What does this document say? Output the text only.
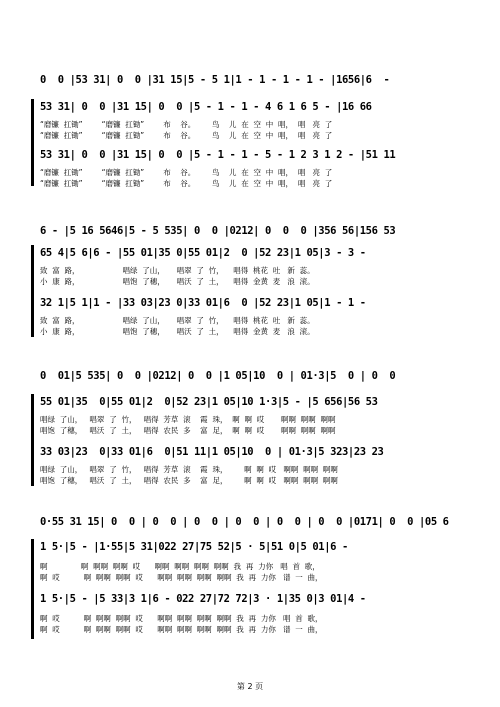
0  0 |53 31| 0  0 |31 15|5 - 5 1|1 - 1 - 1 - 1 - |1656|6  -
53 31| 0  0 |31 15| 0  0 |5 - 1 - 1 - 4 6 1 6 5 - |16 66
“磨镰  扛锄”        “磨镰  扛锄”        布    谷。       鸟    儿  在  空  中  唱，  唱   亮  了
“磨镰  扛锄”        “磨镰  扛锄”        布    谷。       鸟    儿  在  空  中  唱，  唱   亮  了
53 31| 0  0 |31 15| 0  0 |5 - 1 - 1 - 5 - 1 2 3 1 2 - |51 11
“磨镰  扛锄”        “磨镰  扛锄”        布    谷。       鸟    儿  在  空  中  唱，  唱   亮  了
“磨镰  扛锄”        “磨镰  扛锄”        布    谷。       鸟    儿  在  空  中  唱，  唱   亮  了
6 - |5 16 5646|5 - 5 535| 0  0 |0212| 0  0  0 |356 56|156 53
65 4|5 6|6 - |55 01|35 0|55 01|2  0 |52 23|1 05|3 - 3 -
致  富  路，                  唱绿  了山，     唱翠  了  竹，    唱得  桃花  吐   新  蕊。
小  康  路，                  唱饱  了穗，     唱沃  了  土，    唱得  金黄  麦   浪  滚。
32 1|5 1|1 - |33 03|23 0|33 01|6  0 |52 23|1 05|1 - 1 -
致  富  路，                  唱绿  了山，     唱翠  了  竹，    唱得  桃花  吐   新  蕊。
小  康  路，                  唱饱  了穗，     唱沃  了  土，    唱得  金黄  麦   浪  滚。
0  01|5 535| 0  0 |0212| 0  0 |1 05|10  0 | 01·3|5  0 | 0  0
55 01|35  0|55 01|2  0|52 23|1 05|10 1·3|5 - |5 656|56 53
唱绿  了山，   唱翠  了  竹，   唱得  芳草  滚    霞  珠，  啊  啊  哎       啊啊  啊啊  啊啊
唱饱  了穗，   唱沃  了  土，   唱得  农民  多    富  足，  啊  啊  哎       啊啊  啊啊  啊啊
33 03|23  0|33 01|6  0|51 11|1 05|10  0 | 01·3|5 323|23 23
唱绿  了山，   唱翠  了  竹，   唱得  芳草  滚    霞  珠，       啊  啊  哎   啊啊  啊啊  啊啊
唱饱  了穗，   唱沃  了  土，   唱得  农民  多    富  足，       啊  啊  哎   啊啊  啊啊  啊啊
0·55 31 15| 0  0 | 0  0 | 0  0 | 0  0 | 0  0 | 0  0 |0171| 0  0 |05 6
1 5·|5 - |1·55|5 31|022 27|75 52|5 · 5|51 0|5 01|6 -
啊              啊  啊啊  啊啊  哎      啊啊  啊啊  啊啊  啊啊  我  再  力你   唱  首  歌，
啊  哎          啊  啊啊  啊啊  哎      啊啊  啊啊  啊啊  啊啊  我  再  力你   谱  一  曲，
1 5·|5 - |5 33|3 1|6 - 022 27|72 72|3 · 1|35 0|3 01|4 -
啊  哎          啊  啊啊  啊啊  哎      啊啊  啊啊  啊啊  啊啊  我  再  力你   唱  首  歌，
啊  哎          啊  啊啊  啊啊  哎      啊啊  啊啊  啊啊  啊啊  我  再  力你   谱  一  曲，
第 2 页
